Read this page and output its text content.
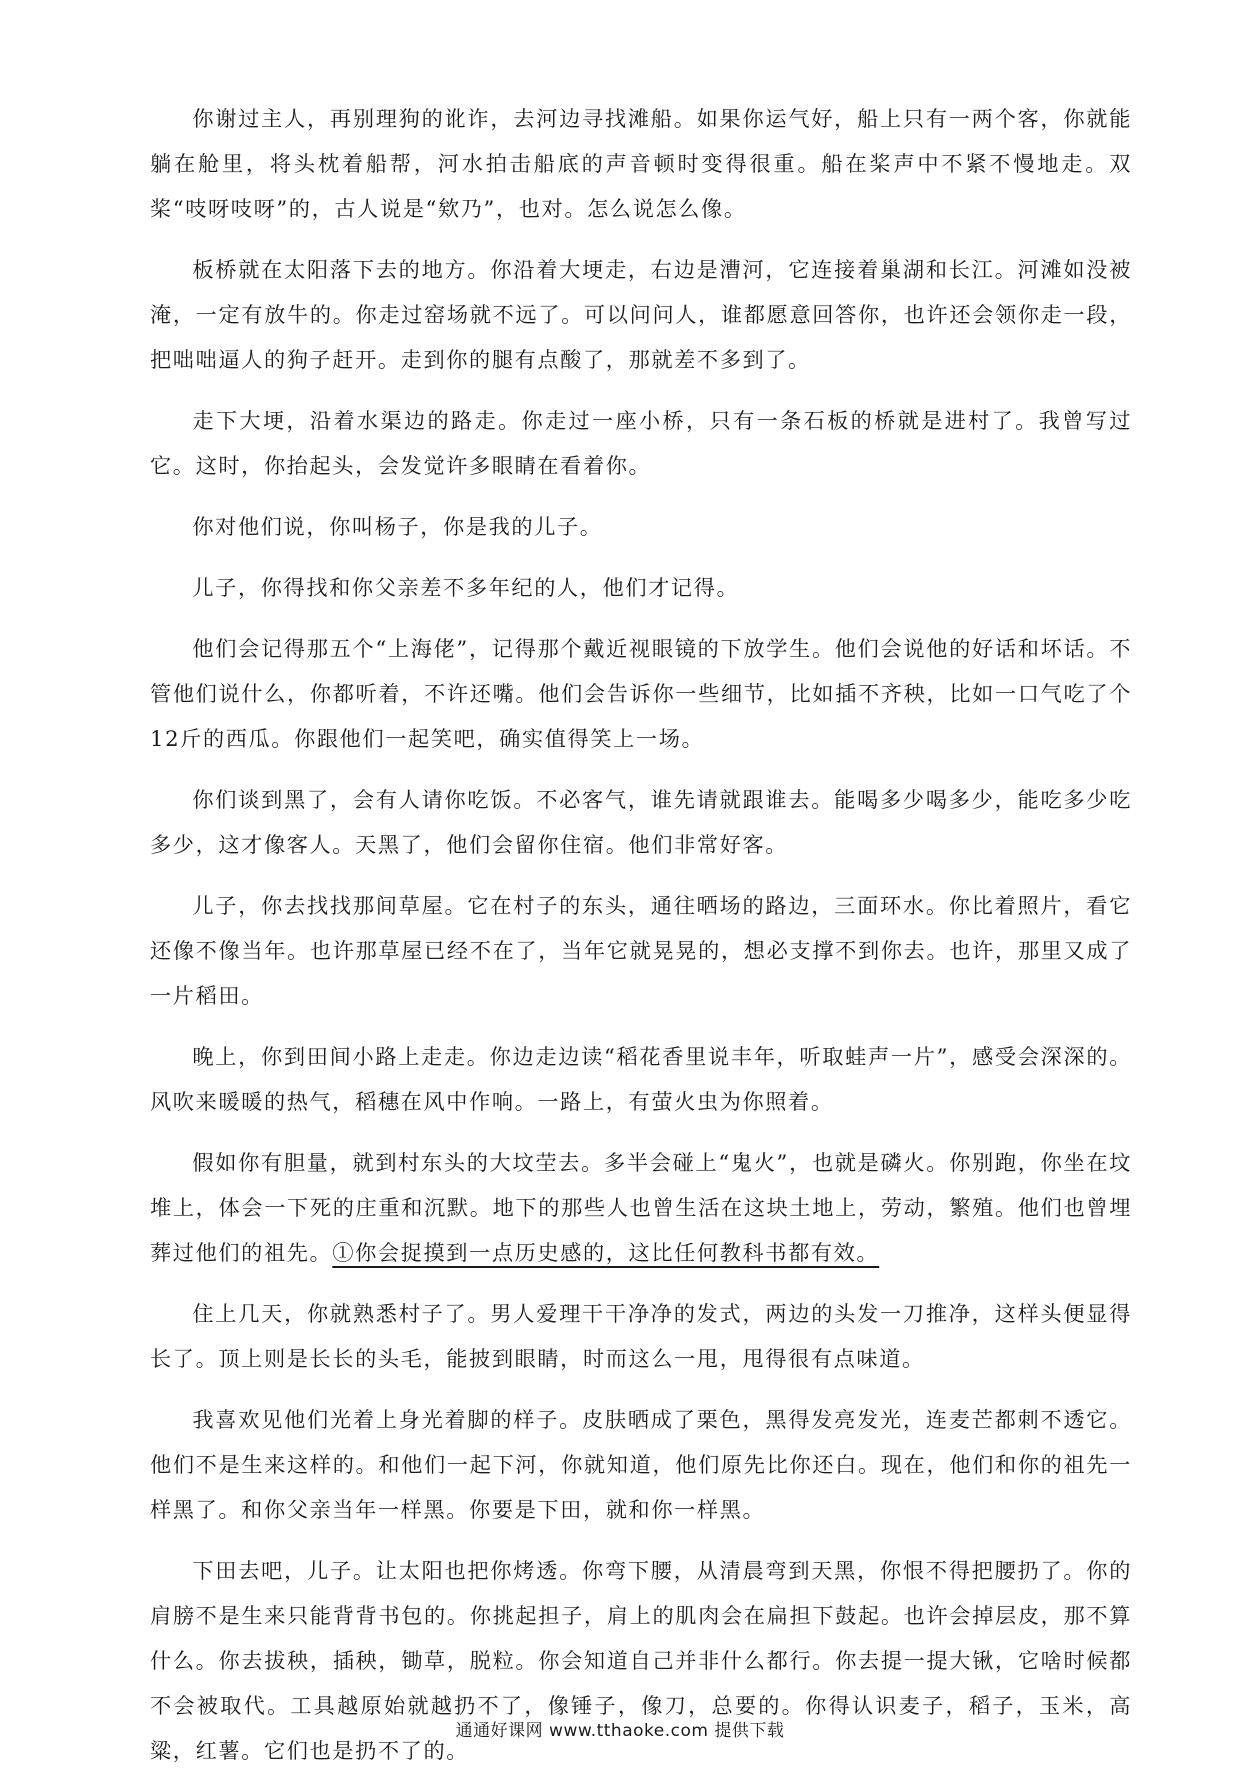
你谢过主人，再别理狗的讹诈，去河边寻找滩船。如果你运气好，船上只有一两个客，你就能躺在舱里，将头枕着船帮，河水拍击船底的声音顿时变得很重。船在桨声中不紧不慢地走。双桨“吱呀吱呀”的，古人说是“欸乃”，也对。怎么说怎么像。

板桥就在太阳落下去的地方。你沿着大埂走，右边是漕河，它连接着巢湖和长江。河滩如没被淹，一定有放牛的。你走过窑场就不远了。可以问问人，谁都愿意回答你，也许还会领你走一段，把咄咄逼人的狗子赶开。走到你的腿有点酸了，那就差不多到了。

走下大埂，沿着水渠边的路走。你走过一座小桥，只有一条石板的桥就是进村了。我曾写过它。这时，你抬起头，会发觉许多眼睛在看着你。

你对他们说，你叫杨子，你是我的儿子。

儿子，你得找和你父亲差不多年纪的人，他们才记得。

他们会记得那五个“上海佬”，记得那个戴近视眼镜的下放学生。他们会说他的好话和坏话。不管他们说什么，你都听着，不许还嘴。他们会告诉你一些细节，比如插不齐秧，比如一口气吃了个12斤的西瓜。你跟他们一起笑吧，确实值得笑上一场。

你们谈到黑了，会有人请你吃饭。不必客气，谁先请就跟谁去。能喝多少喝多少，能吃多少吃多少，这才像客人。天黑了，他们会留你住宿。他们非常好客。

儿子，你去找找那间草屋。它在村子的东头，通往晒场的路边，三面环水。你比着照片，看它还像不像当年。也许那草屋已经不在了，当年它就晃晃的，想必支撑不到你去。也许，那里又成了一片稻田。

晚上，你到田间小路上走走。你边走边读“稻花香里说丰年，听取蛙声一片”，感受会深深的。风吹来暖暖的热气，稻穗在风中作响。一路上，有萤火虫为你照着。

假如你有胆量，就到村东头的大坟茔去。多半会碰上“鬼火”，也就是磷火。你别跑，你坐在坟堆上，体会一下死的庄重和沉默。地下的那些人也曾生活在这块土地上，劳动，繁殖。他们也曾埋葬过他们的祖先。①你会捉摸到一点历史感的，这比任何教科书都有效。

住上几天，你就熟悉村子了。男人爱理干干净净的发式，两边的头发一刀推净，这样头便显得长了。顶上则是长长的头毛，能披到眼睛，时而这么一甩，甩得很有点味道。

我喜欢见他们光着上身光着脚的样子。皮肤晒成了栗色，黑得发亮发光，连麦芒都刺不透它。他们不是生来这样的。和他们一起下河，你就知道，他们原先比你还白。现在，他们和你的祖先一样黑了。和你父亲当年一样黑。你要是下田，就和你一样黑。

下田去吧，儿子。让太阳也把你烤透。你弯下腰，从清晨弯到天黑，你恨不得把腰扔了。你的肩膀不是生来只能背背书包的。你挑起担子，肩上的肌肉会在扁担下鼓起。也许会掉层皮，那不算什么。你去拔秧，插秧，锄草，脱粒。你会知道自己并非什么都行。你去提一提大锹，它啥时候都不会被取代。工具越原始就越扔不了，像锤子，像刀，总要的。你得认识麦子，稻子，玉米，高粱，红薯。它们也是扔不了的。

通通好课网 www.tthaoke.com 提供下载
